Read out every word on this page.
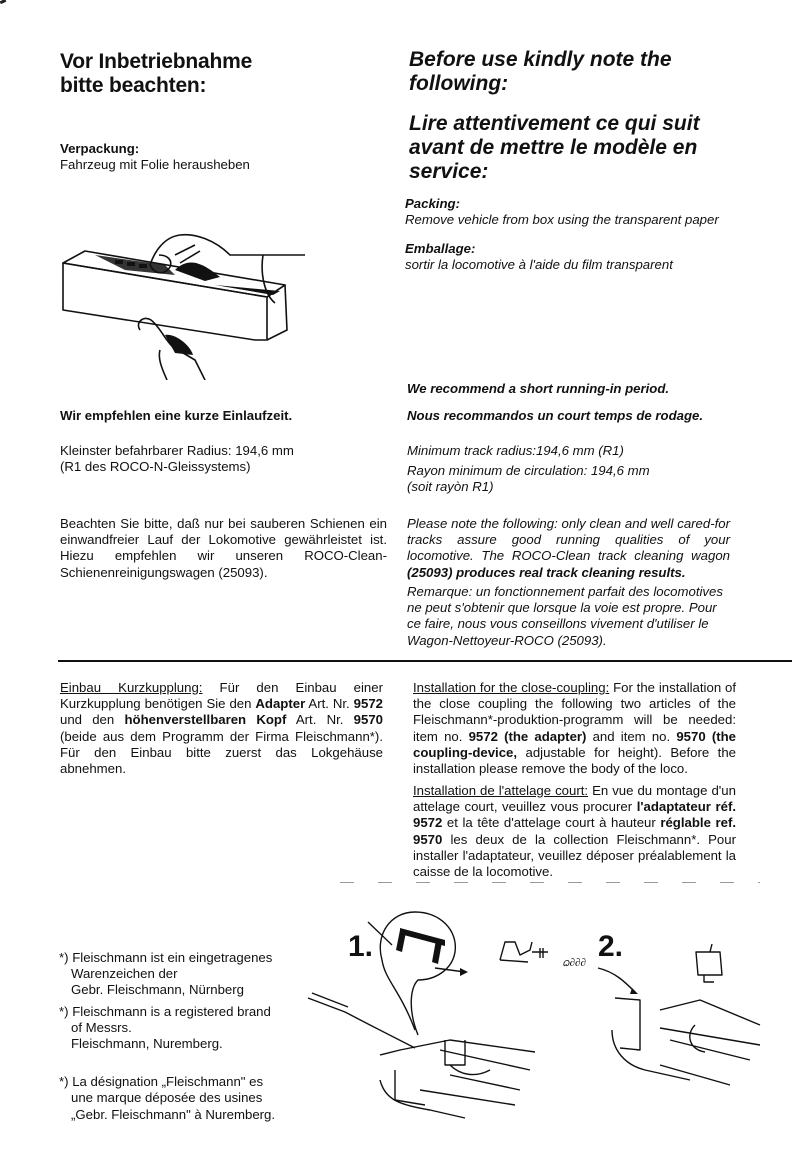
Vor Inbetriebnahme
bitte beachten:
Before use kindly note the
following:
Lire attentivement ce qui suit
avant de mettre le modèle en
service:
Verpackung:
Fahrzeug mit Folie herausheben
Packing:
Remove vehicle from box using the transparent paper
Emballage:
sortir la locomotive à l'aide du film transparent
Wir empfehlen eine kurze Einlaufzeit.
We recommend a short running-in period.
Nous recommandos un court temps de rodage.
Kleinster befahrbarer Radius: 194,6 mm
(R1 des ROCO-N-Gleissystems)
Minimum track radius:194,6 mm (R1)
Rayon minimum de circulation: 194,6 mm
(soit rayòn R1)

Beachten Sie bitte, daß nur bei sauberen Schienen ein einwandfreier Lauf der Lokomotive gewährleistet ist. Hiezu empfehlen wir unseren ROCO-Clean-Schienenreinigungswagen (25093).

Please note the following: only clean and well cared-for tracks assure good running qualities of your locomotive. The ROCO-Clean track cleaning wagon (25093) produces real track cleaning results.

Remarque: un fonctionnement parfait des locomotives ne peut s'obtenir que lorsque la voie est propre. Pour ce faire, nous vous conseillons vivement d'utiliser le Wagon-Nettoyeur-ROCO (25093).

Einbau Kurzkupplung: Für den Einbau einer Kurzkupplung benötigen Sie den Adapter Art. Nr. 9572 und den höhenverstellbaren Kopf Art. Nr. 9570 (beide aus dem Programm der Firma Fleischmann*). Für den Einbau bitte zuerst das Lokgehäuse abnehmen.

Installation for the close-coupling: For the installation of the close coupling the following two articles of the Fleischmann*-produktion-programm will be needed: item no. 9572 (the adapter) and item no. 9570 (the coupling-device, adjustable for height). Before the installation please remove the body of the loco.

Installation de l'attelage court: En vue du montage d'un attelage court, veuillez vous procurer l'adaptateur réf. 9572 et la tête d'attelage court à hauteur réglable ref. 9570 les deux de la collection Fleischmann*. Pour installer l'adaptateur, veuillez déposer préalablement la caisse de la locomotive.

*) Fleischmann ist ein eingetragenes
Warenzeichen der
Gebr. Fleischmann, Nürnberg
*) Fleischmann is a registered brand
of Messrs.
Fleischmann, Nuremberg.
*) La désignation „Fleischmann" es
une marque déposée des usines
„Gebr. Fleischmann" à Nuremberg.
1.	2.
ᨵ∂∂∂
